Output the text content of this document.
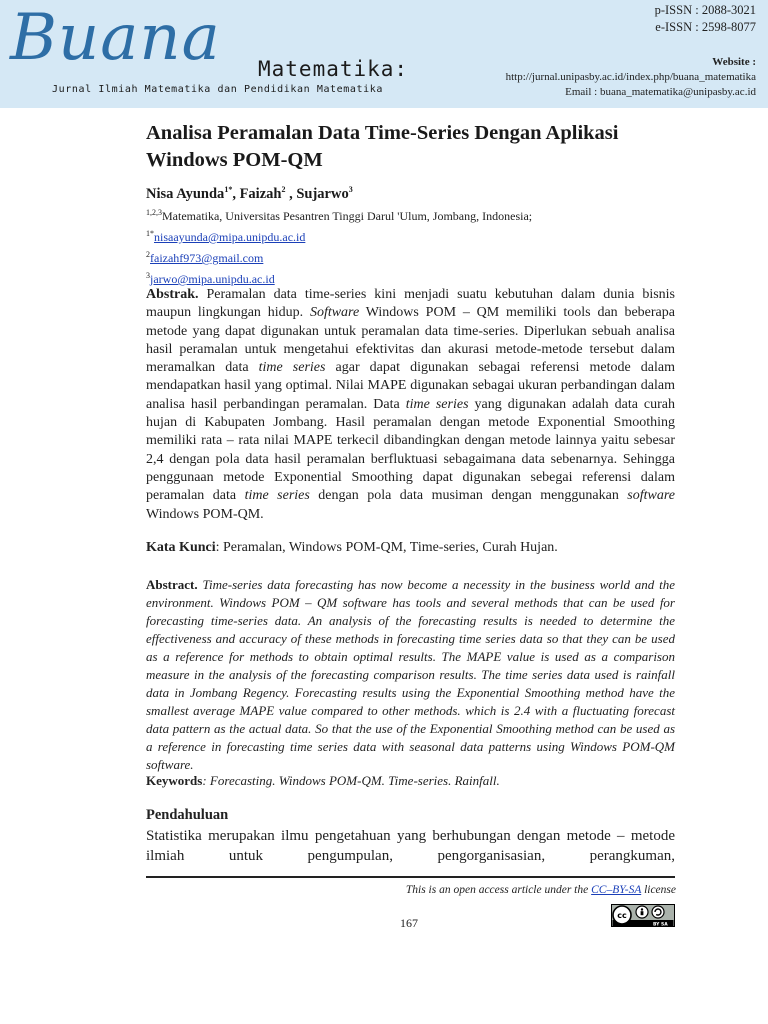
Buana Matematika:
Jurnal Ilmiah Matematika dan Pendidikan Matematika
p-ISSN : 2088-3021
e-ISSN : 2598-8077
Website :
http://jurnal.unipasby.ac.id/index.php/buana_matematika
Email : buana_matematika@unipasby.ac.id
Analisa Peramalan Data Time-Series Dengan Aplikasi Windows POM-QM
Nisa Ayunda$^{1*}$, Faizah$^2$ , Sujarwo$^3$
$^{1,2,3}$Matematika, Universitas Pesantren Tinggi Darul 'Ulum, Jombang, Indonesia;
$^{1*}$nisaayunda@mipa.unipdu.ac.id
$^2$faizahf973@gmail.com
$^3$jarwo@mipa.unipdu.ac.id
Abstrak. Peramalan data time-series kini menjadi suatu kebutuhan dalam dunia bisnis maupun lingkungan hidup. Software Windows POM – QM memiliki tools dan beberapa metode yang dapat digunakan untuk peramalan data time-series. Diperlukan sebuah analisa hasil peramalan untuk mengetahui efektivitas dan akurasi metode-metode tersebut dalam meramalkan data time series agar dapat digunakan sebagai referensi metode dalam mendapatkan hasil yang optimal. Nilai MAPE digunakan sebagai ukuran perbandingan dalam analisa hasil perbandingan peramalan. Data time series yang digunakan adalah data curah hujan di Kabupaten Jombang. Hasil peramalan dengan metode Exponential Smoothing memiliki rata – rata nilai MAPE terkecil dibandingkan dengan metode lainnya yaitu sebesar 2,4 dengan pola data hasil peramalan berfluktuasi sebagaimana data sebenarnya. Sehingga penggunaan metode Exponential Smoothing dapat digunakan sebegai referensi dalam peramalan data time series dengan pola data musiman dengan menggunakan software Windows POM-QM.
Kata Kunci: Peramalan, Windows POM-QM, Time-series, Curah Hujan.
Abstract. Time-series data forecasting has now become a necessity in the business world and the environment. Windows POM – QM software has tools and several methods that can be used for forecasting time-series data. An analysis of the forecasting results is needed to determine the effectiveness and accuracy of these methods in forecasting time series data so that they can be used as a reference for methods to obtain optimal results. The MAPE value is used as a comparison measure in the analysis of the forecasting comparison results. The time series data used is rainfall data in Jombang Regency. Forecasting results using the Exponential Smoothing method have the smallest average MAPE value compared to other methods. which is 2.4 with a fluctuating forecast data pattern as the actual data. So that the use of the Exponential Smoothing method can be used as a reference in forecasting time series data with seasonal data patterns using Windows POM-QM software.
Keywords: Forecasting. Windows POM-QM. Time-series. Rainfall.
Pendahuluan
Statistika merupakan ilmu pengetahuan yang berhubungan dengan metode – metode ilmiah untuk pengumpulan, pengorganisasian, perangkuman,
This is an open access article under the CC–BY-SA license
167
cc
BY SA
